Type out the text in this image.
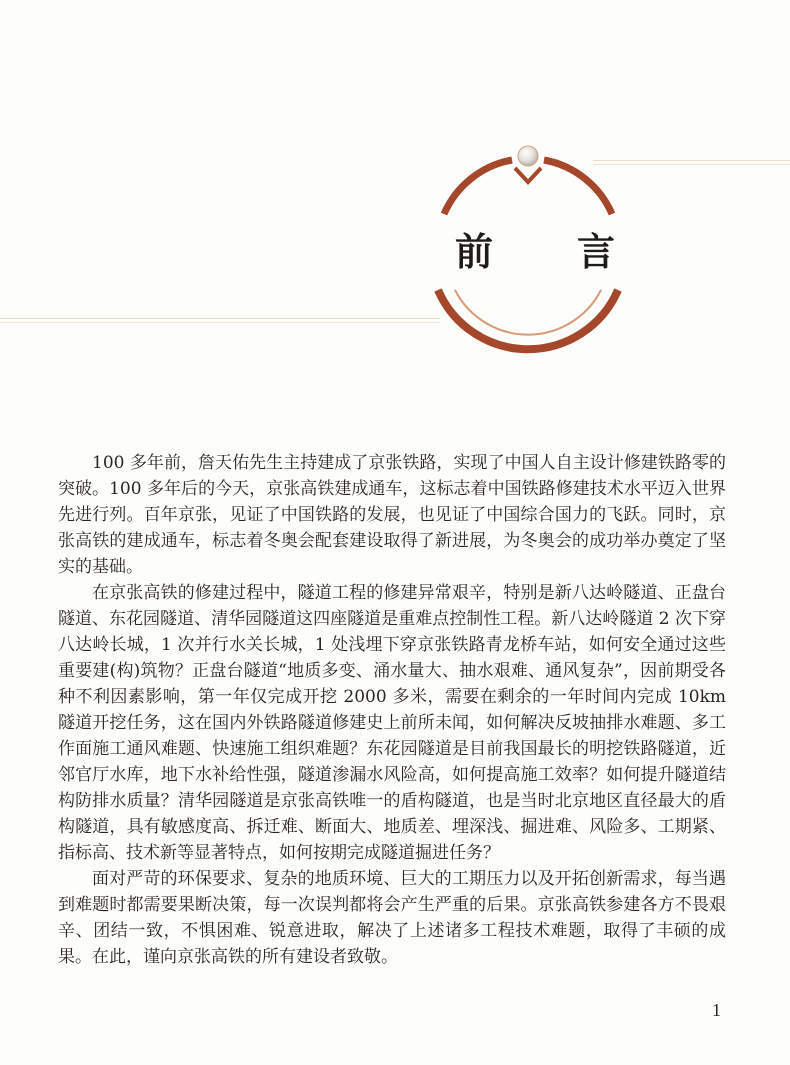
前 言

100 多年前，詹天佑先生主持建成了京张铁路，实现了中国人自主设计修建铁路零的突破。100 多年后的今天，京张高铁建成通车，这标志着中国铁路修建技术水平迈入世界先进行列。百年京张，见证了中国铁路的发展，也见证了中国综合国力的飞跃。同时，京张高铁的建成通车，标志着冬奥会配套建设取得了新进展，为冬奥会的成功举办奠定了坚实的基础。

在京张高铁的修建过程中，隧道工程的修建异常艰辛，特别是新八达岭隧道、正盘台隧道、东花园隧道、清华园隧道这四座隧道是重难点控制性工程。新八达岭隧道 2 次下穿八达岭长城，1 次并行水关长城，1 处浅埋下穿京张铁路青龙桥车站，如何安全通过这些重要建(构)筑物？正盘台隧道“地质多变、涌水量大、抽水艰难、通风复杂”，因前期受各种不利因素影响，第一年仅完成开挖 2000 多米，需要在剩余的一年时间内完成 10km 隧道开挖任务，这在国内外铁路隧道修建史上前所未闻，如何解决反坡抽排水难题、多工作面施工通风难题、快速施工组织难题？东花园隧道是目前我国最长的明挖铁路隧道，近邻官厅水库，地下水补给性强，隧道渗漏水风险高，如何提高施工效率？如何提升隧道结构防排水质量？清华园隧道是京张高铁唯一的盾构隧道，也是当时北京地区直径最大的盾构隧道，具有敏感度高、拆迁难、断面大、地质差、埋深浅、掘进难、风险多、工期紧、指标高、技术新等显著特点，如何按期完成隧道掘进任务？

面对严苛的环保要求、复杂的地质环境、巨大的工期压力以及开拓创新需求，每当遇到难题时都需要果断决策，每一次误判都将会产生严重的后果。京张高铁参建各方不畏艰辛、团结一致，不惧困难、锐意进取，解决了上述诸多工程技术难题，取得了丰硕的成果。在此，谨向京张高铁的所有建设者致敬。

1
